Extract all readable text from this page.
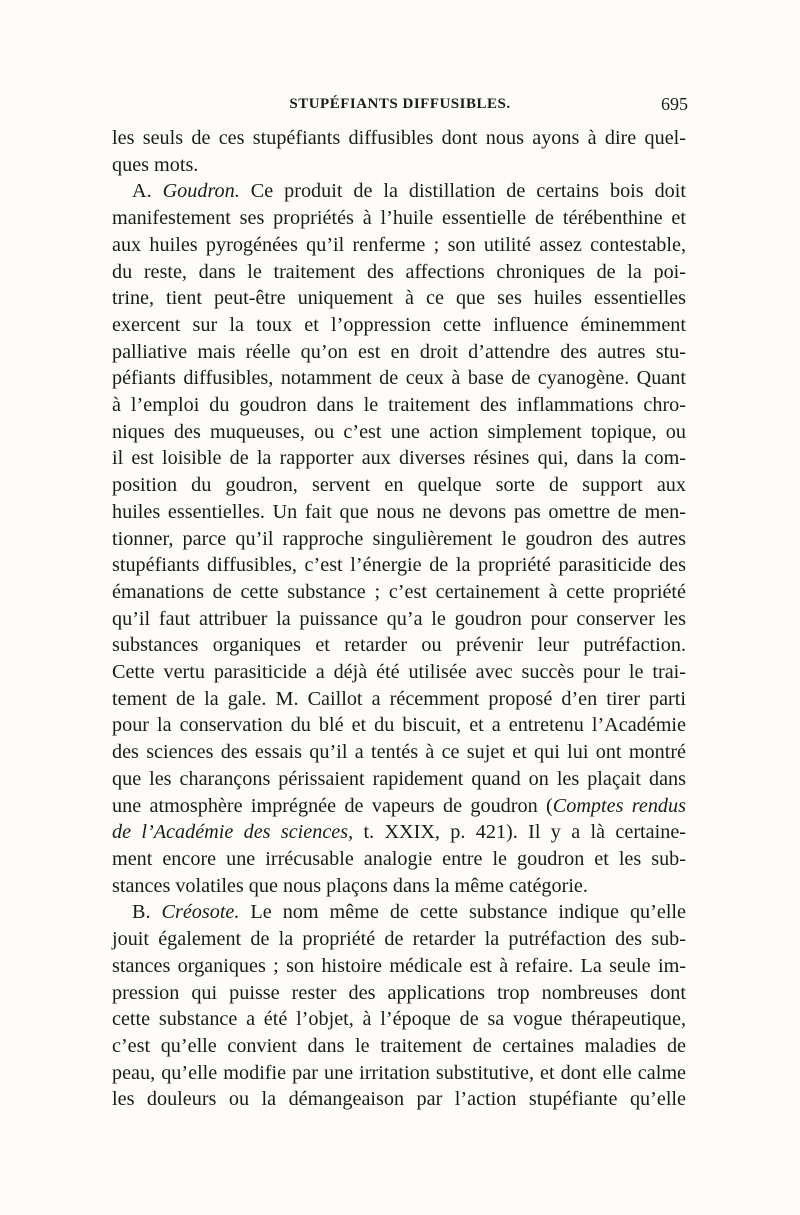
STUPÉFIANTS DIFFUSIBLES.	695
les seuls de ces stupéfiants diffusibles dont nous ayons à dire quel-
ques mots.
A. Goudron. Ce produit de la distillation de certains bois doit
manifestement ses propriétés à l’huile essentielle de térébenthine et
aux huiles pyrogénées qu’il renferme ; son utilité assez contestable,
du reste, dans le traitement des affections chroniques de la poi-
trine, tient peut-être uniquement à ce que ses huiles essentielles
exercent sur la toux et l’oppression cette influence éminemment
palliative mais réelle qu’on est en droit d’attendre des autres stu-
péfiants diffusibles, notamment de ceux à base de cyanogène. Quant
à l’emploi du goudron dans le traitement des inflammations chro-
niques des muqueuses, ou c’est une action simplement topique, ou
il est loisible de la rapporter aux diverses résines qui, dans la com-
position du goudron, servent en quelque sorte de support aux
huiles essentielles. Un fait que nous ne devons pas omettre de men-
tionner, parce qu’il rapproche singulièrement le goudron des autres
stupéfiants diffusibles, c’est l’énergie de la propriété parasiticide des
émanations de cette substance ; c’est certainement à cette propriété
qu’il faut attribuer la puissance qu’a le goudron pour conserver les
substances organiques et retarder ou prévenir leur putréfaction.
Cette vertu parasiticide a déjà été utilisée avec succès pour le trai-
tement de la gale. M. Caillot a récemment proposé d’en tirer parti
pour la conservation du blé et du biscuit, et a entretenu l’Académie
des sciences des essais qu’il a tentés à ce sujet et qui lui ont montré
que les charançons périssaient rapidement quand on les plaçait dans
une atmosphère imprégnée de vapeurs de goudron (Comptes rendus
de l’Académie des sciences, t. XXIX, p. 421). Il y a là certaine-
ment encore une irrécusable analogie entre le goudron et les sub-
stances volatiles que nous plaçons dans la même catégorie.
B. Créosote. Le nom même de cette substance indique qu’elle
jouit également de la propriété de retarder la putréfaction des sub-
stances organiques ; son histoire médicale est à refaire. La seule im-
pression qui puisse rester des applications trop nombreuses dont
cette substance a été l’objet, à l’époque de sa vogue thérapeutique,
c’est qu’elle convient dans le traitement de certaines maladies de
peau, qu’elle modifie par une irritation substitutive, et dont elle calme
les douleurs ou la démangeaison par l’action stupéfiante qu’elle
